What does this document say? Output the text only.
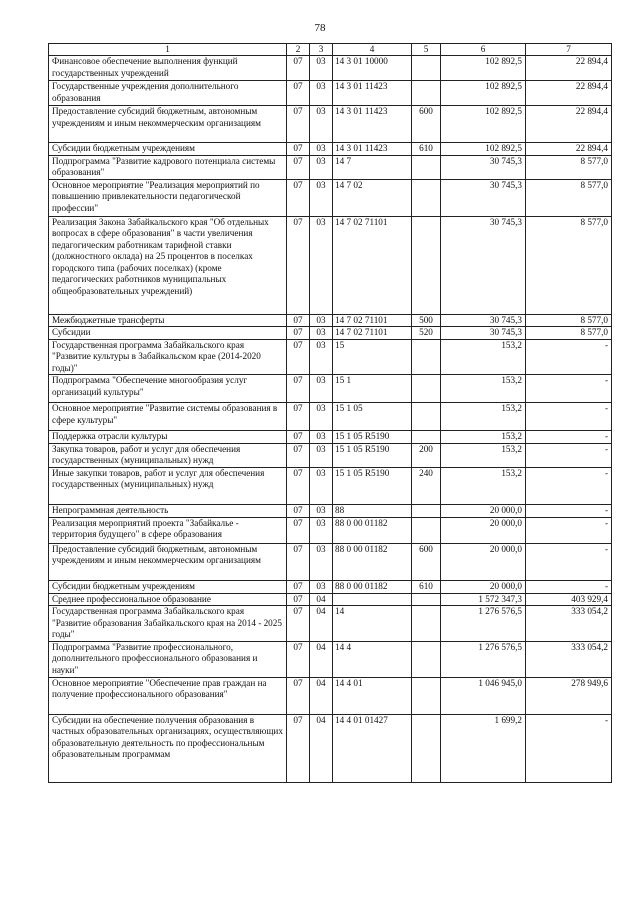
78
1	2	3	4	5	6	7
Финансовое обеспечение выполнения функций государственных учреждений	07	03	14 3 01 10000		102 892,5	22 894,4
Государственные учреждения дополнительного образования	07	03	14 3 01 11423		102 892,5	22 894,4
Предоставление субсидий бюджетным, автономным учреждениям и иным некоммерческим организациям	07	03	14 3 01 11423	600	102 892,5	22 894,4
Субсидии бюджетным учреждениям	07	03	14 3 01 11423	610	102 892,5	22 894,4
Подпрограмма "Развитие кадрового потенциала системы образования"	07	03	14 7		30 745,3	8 577,0
Основное мероприятие "Реализация мероприятий по повышению привлекательности педагогической профессии"	07	03	14 7 02		30 745,3	8 577,0
Реализация Закона Забайкальского края "Об отдельных вопросах в сфере образования" в части увеличения педагогическим работникам тарифной ставки (должностного оклада) на 25 процентов в поселках городского типа (рабочих поселках) (кроме педагогических работников муниципальных общеобразовательных учреждений)	07	03	14 7 02 71101		30 745,3	8 577,0
Межбюджетные трансферты	07	03	14 7 02 71101	500	30 745,3	8 577,0
Субсидии	07	03	14 7 02 71101	520	30 745,3	8 577,0
Государственная программа Забайкальского края "Развитие культуры в Забайкальском крае (2014-2020 годы)"	07	03	15		153,2	-
Подпрограмма "Обеспечение многообразия услуг организаций культуры"	07	03	15 1		153,2	-
Основное мероприятие "Развитие системы образования в сфере культуры"	07	03	15 1 05		153,2	-
Поддержка отрасли культуры	07	03	15 1 05 R5190		153,2	-
Закупка товаров, работ и услуг для обеспечения государственных (муниципальных) нужд	07	03	15 1 05 R5190	200	153,2	-
Иные закупки товаров, работ и услуг для обеспечения государственных (муниципальных) нужд	07	03	15 1 05 R5190	240	153,2	-
Непрограммная деятельность	07	03	88		20 000,0	-
Реализация мероприятий проекта "Забайкалье - территория будущего" в сфере образования	07	03	88 0 00 01182		20 000,0	-
Предоставление субсидий бюджетным, автономным учреждениям и иным некоммерческим организациям	07	03	88 0 00 01182	600	20 000,0	-
Субсидии бюджетным учреждениям	07	03	88 0 00 01182	610	20 000,0	-
Среднее профессиональное образование	07	04			1 572 347,3	403 929,4
Государственная программа Забайкальского края "Развитие образования Забайкальского края на 2014 - 2025 годы"	07	04	14		1 276 576,5	333 054,2
Подпрограмма "Развитие профессионального, дополнительного профессионального образования и науки"	07	04	14 4		1 276 576,5	333 054,2
Основное мероприятие "Обеспечение прав граждан на получение профессионального образования"	07	04	14 4 01		1 046 945,0	278 949,6
Субсидии на обеспечение получения образования в частных образовательных организациях, осуществляющих образовательную деятельность по профессиональным образовательным программам	07	04	14 4 01 01427		1 699,2	-
